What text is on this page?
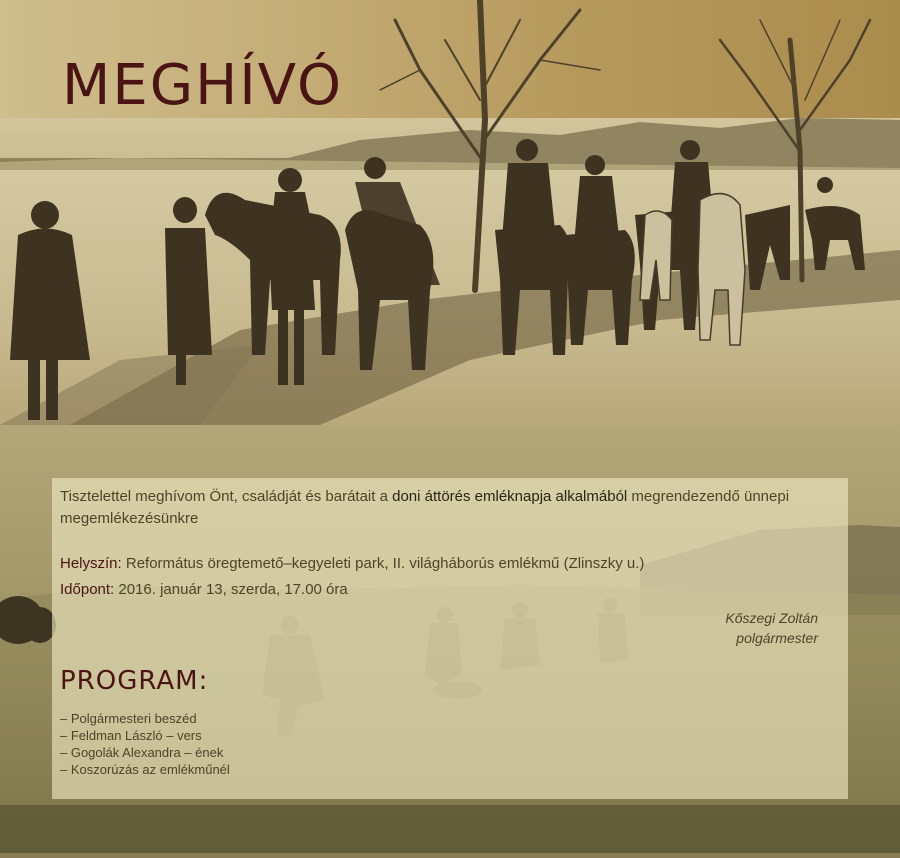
MEGHÍVÓ

Tisztelettel meghívom Önt, családját és barátait a doni áttörés emléknapja alkalmából megrendezendő ünnepi megemlékezésünkre

Helyszín: Református öregtemető–kegyeleti park, II. világháborús emlékmű (Zlinszky u.)

Időpont: 2016. január 13, szerda, 17.00 óra

Kőszegi Zoltán
polgármester
PROGRAM:
– Polgármesteri beszéd
– Feldman László – vers
– Gogolák Alexandra – ének
– Koszorúzás az emlékműnél
